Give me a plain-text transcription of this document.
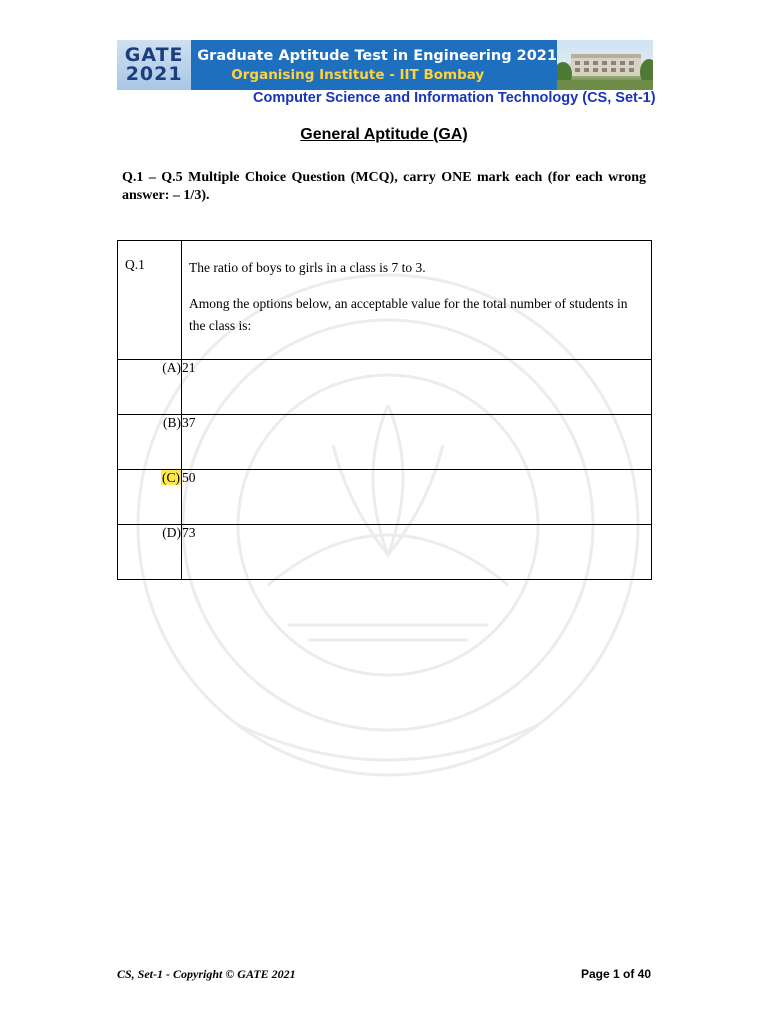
GATE
2021
Graduate Aptitude Test in Engineering 2021
Organising Institute - IIT Bombay
Computer Science and Information Technology (CS, Set-1)
General Aptitude (GA)
Q.1 – Q.5 Multiple Choice Question (MCQ), carry ONE mark each (for each wrong answer: – 1/3).
Q.1	The ratio of boys to girls in a class is 7 to 3.

Among the options below, an acceptable value for the total number of students in the class is:

(A)	21
(B)	37
(C)	50
(D)	73
CS, Set-1 - Copyright © GATE 2021	Page 1 of 40
